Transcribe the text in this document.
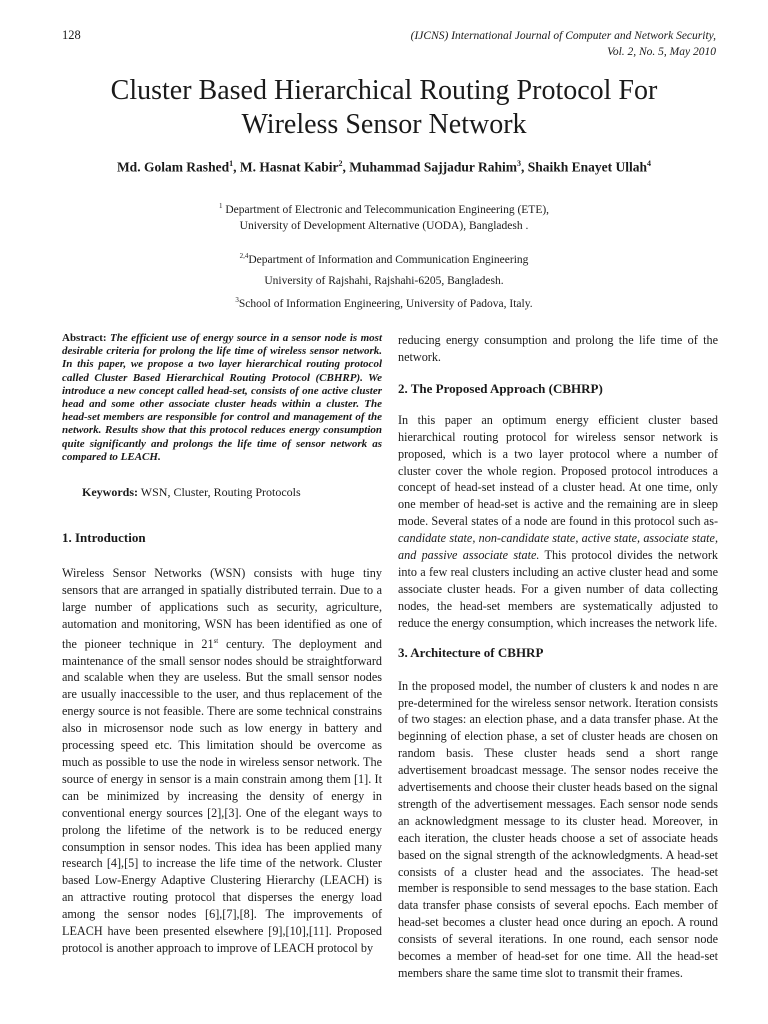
128	(IJCNS) International Journal of Computer and Network Security,
Vol. 2, No. 5, May 2010
Cluster Based Hierarchical Routing Protocol For
Wireless Sensor Network
Md. Golam Rashed$^1$, M. Hasnat Kabir$^2$, Muhammad Sajjadur Rahim$^3$, Shaikh Enayet Ullah$^4$
$^1$ Department of Electronic and Telecommunication Engineering (ETE),
University of Development Alternative (UODA), Bangladesh .
$^{2,4}$Department of Information and Communication Engineering
University of Rajshahi, Rajshahi-6205, Bangladesh.
$^3$School of Information Engineering, University of Padova, Italy.

Abstract: The efficient use of energy source in a sensor node is most desirable criteria for prolong the life time of wireless sensor network. In this paper, we propose a two layer hierarchical routing protocol called Cluster Based Hierarchical Routing Protocol (CBHRP). We introduce a new concept called head-set, consists of one active cluster head and some other associate cluster heads within a cluster. The head-set members are responsible for control and management of the network. Results show that this protocol reduces energy consumption quite significantly and prolongs the life time of sensor network as compared to LEACH.

Keywords: WSN, Cluster, Routing Protocols

1. Introduction

Wireless Sensor Networks (WSN) consists with huge tiny sensors that are arranged in spatially distributed terrain. Due to a large number of applications such as security, agriculture, automation and monitoring, WSN has been identified as one of the pioneer technique in 21st century. The deployment and maintenance of the small sensor nodes should be straightforward and scalable when they are useless. But the small sensor nodes are usually inaccessible to the user, and thus replacement of the energy source is not feasible. There are some technical constrains also in microsensor node such as low energy in battery and processing speed etc. This limitation should be overcome as much as possible to use the node in wireless sensor network. The source of energy in sensor is a main constrain among them [1]. It can be minimized by increasing the density of energy in conventional energy sources [2],[3]. One of the elegant ways to prolong the lifetime of the network is to be reduced energy consumption in sensor nodes. This idea has been applied many research [4],[5] to increase the life time of the network. Cluster based Low-Energy Adaptive Clustering Hierarchy (LEACH) is an attractive routing protocol that disperses the energy load among the sensor nodes [6],[7],[8]. The improvements of LEACH have been presented elsewhere [9],[10],[11]. Proposed protocol is another approach to improve of LEACH protocol by

reducing energy consumption and prolong the life time of the network.

2. The Proposed Approach (CBHRP)

In this paper an optimum energy efficient cluster based hierarchical routing protocol for wireless sensor network is proposed, which is a two layer protocol where a number of cluster cover the whole region. Proposed protocol introduces a concept of head-set instead of a cluster head. At one time, only one member of head-set is active and the remaining are in sleep mode. Several states of a node are found in this protocol such as- candidate state, non-candidate state, active state, associate state, and passive associate state. This protocol divides the network into a few real clusters including an active cluster head and some associate cluster heads. For a given number of data collecting nodes, the head-set members are systematically adjusted to reduce the energy consumption, which increases the network life.

3. Architecture of CBHRP

In the proposed model, the number of clusters k and nodes n are pre-determined for the wireless sensor network. Iteration consists of two stages: an election phase, and a data transfer phase. At the beginning of election phase, a set of cluster heads are chosen on random basis. These cluster heads send a short range advertisement broadcast message. The sensor nodes receive the advertisements and choose their cluster heads based on the signal strength of the advertisement messages. Each sensor node sends an acknowledgment message to its cluster head. Moreover, in each iteration, the cluster heads choose a set of associate heads based on the signal strength of the acknowledgments. A head-set consists of a cluster head and the associates. The head-set member is responsible to send messages to the base station. Each data transfer phase consists of several epochs. Each member of head-set becomes a cluster head once during an epoch. A round consists of several iterations. In one round, each sensor node becomes a member of head-set for one time. All the head-set members share the same time slot to transmit their frames.
